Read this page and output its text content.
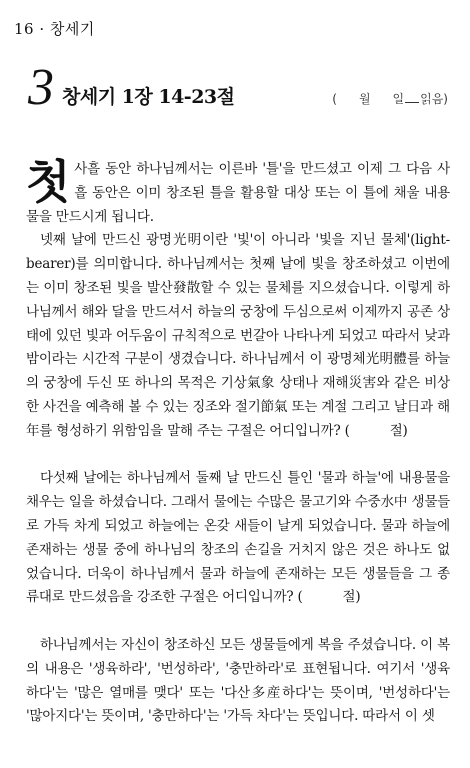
16 · 창세기
3 창세기 1장 14-23절	( 월 일 읽음)

첫 사흘 동안 하나님께서는 이른바 '틀'을 만드셨고 이제 그 다음 사흘 동안은 이미 창조된 틀을 활용할 대상 또는 이 틀에 채울 내용물을 만드시게 됩니다.

넷째 날에 만드신 광명光明이란 '빛'이 아니라 '빛을 지닌 물체'(light-bearer)를 의미합니다. 하나님께서는 첫째 날에 빛을 창조하셨고 이번에는 이미 창조된 빛을 발산發散할 수 있는 물체를 지으셨습니다. 이렇게 하나님께서 해와 달을 만드셔서 하늘의 궁창에 두심으로써 이제까지 공존 상태에 있던 빛과 어두움이 규칙적으로 번갈아 나타나게 되었고 따라서 낮과 밤이라는 시간적 구분이 생겼습니다. 하나님께서 이 광명체光明體를 하늘의 궁창에 두신 또 하나의 목적은 기상氣象 상태나 재해災害와 같은 비상한 사건을 예측해 볼 수 있는 징조와 절기節氣 또는 계절 그리고 날日과 해年를 형성하기 위함임을 말해 주는 구절은 어디입니까? (	절)

다섯째 날에는 하나님께서 둘째 날 만드신 틀인 '물과 하늘'에 내용물을 채우는 일을 하셨습니다. 그래서 물에는 수많은 물고기와 수중水中 생물들로 가득 차게 되었고 하늘에는 온갖 새들이 날게 되었습니다. 물과 하늘에 존재하는 생물 중에 하나님의 창조의 손길을 거치지 않은 것은 하나도 없었습니다. 더욱이 하나님께서 물과 하늘에 존재하는 모든 생물들을 그 종류대로 만드셨음을 강조한 구절은 어디입니까? (	절)

하나님께서는 자신이 창조하신 모든 생물들에게 복을 주셨습니다. 이 복의 내용은 '생육하라', '번성하라', '충만하라'로 표현됩니다. 여기서 '생육하다'는 '많은 열매를 맺다' 또는 '다산多産하다'는 뜻이며, '번성하다'는 '많아지다'는 뜻이며, '충만하다'는 '가득 차다'는 뜻입니다. 따라서 이 셋
